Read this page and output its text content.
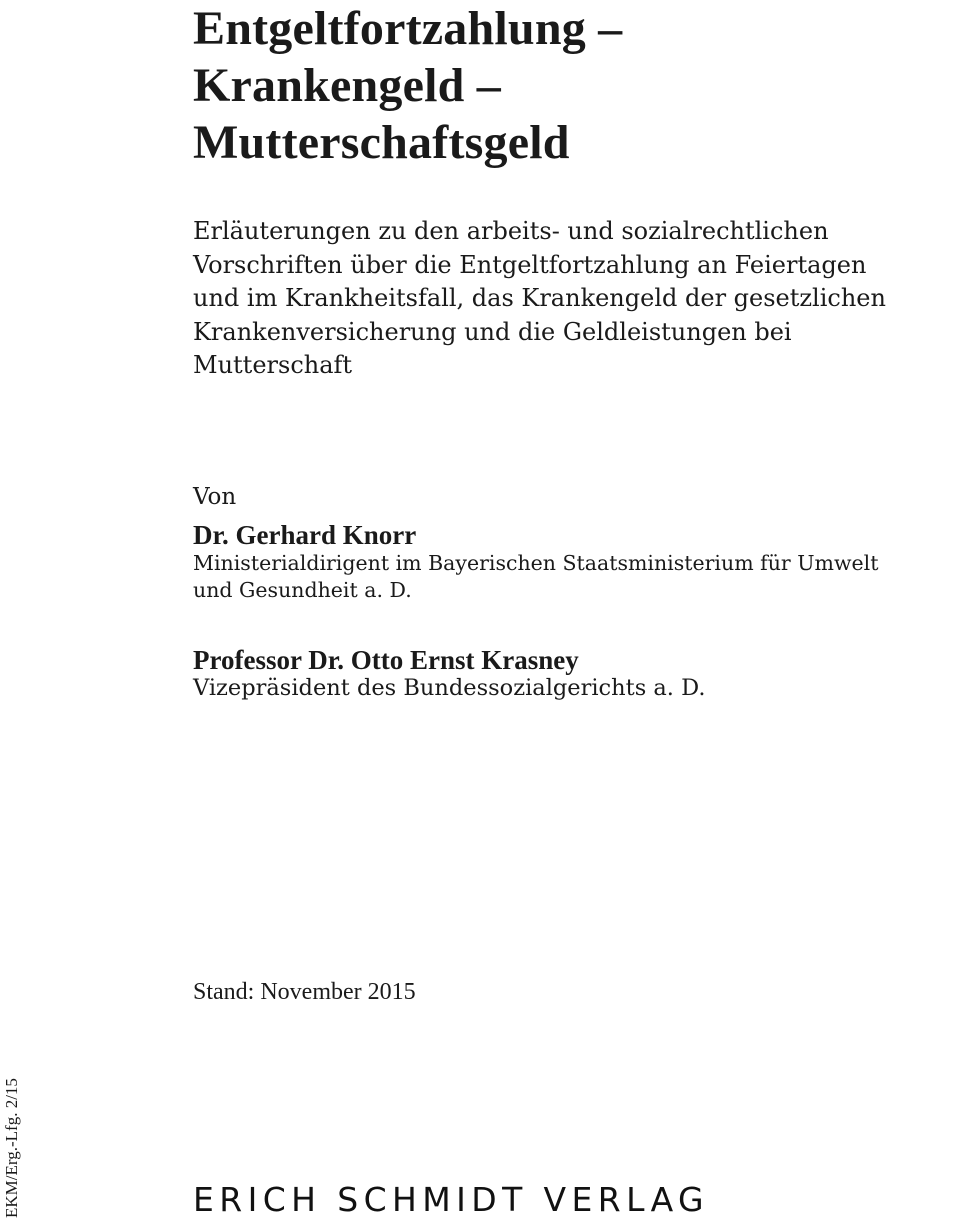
Entgeltfortzahlung –
Krankengeld –
Mutterschaftsgeld

Erläuterungen zu den arbeits- und sozialrechtlichen
Vorschriften über die Entgeltfortzahlung an Feiertagen
und im Krankheitsfall, das Krankengeld der gesetzlichen
Krankenversicherung und die Geldleistungen bei
Mutterschaft

Von
Dr. Gerhard Knorr
Ministerialdirigent im Bayerischen Staatsministerium für Umwelt
und Gesundheit a. D.
Professor Dr. Otto Ernst Krasney
Vizepräsident des Bundessozialgerichts a. D.
Stand: November 2015
EKM/Erg.-Lfg. 2/15	ERICH SCHMIDT VERLAG
